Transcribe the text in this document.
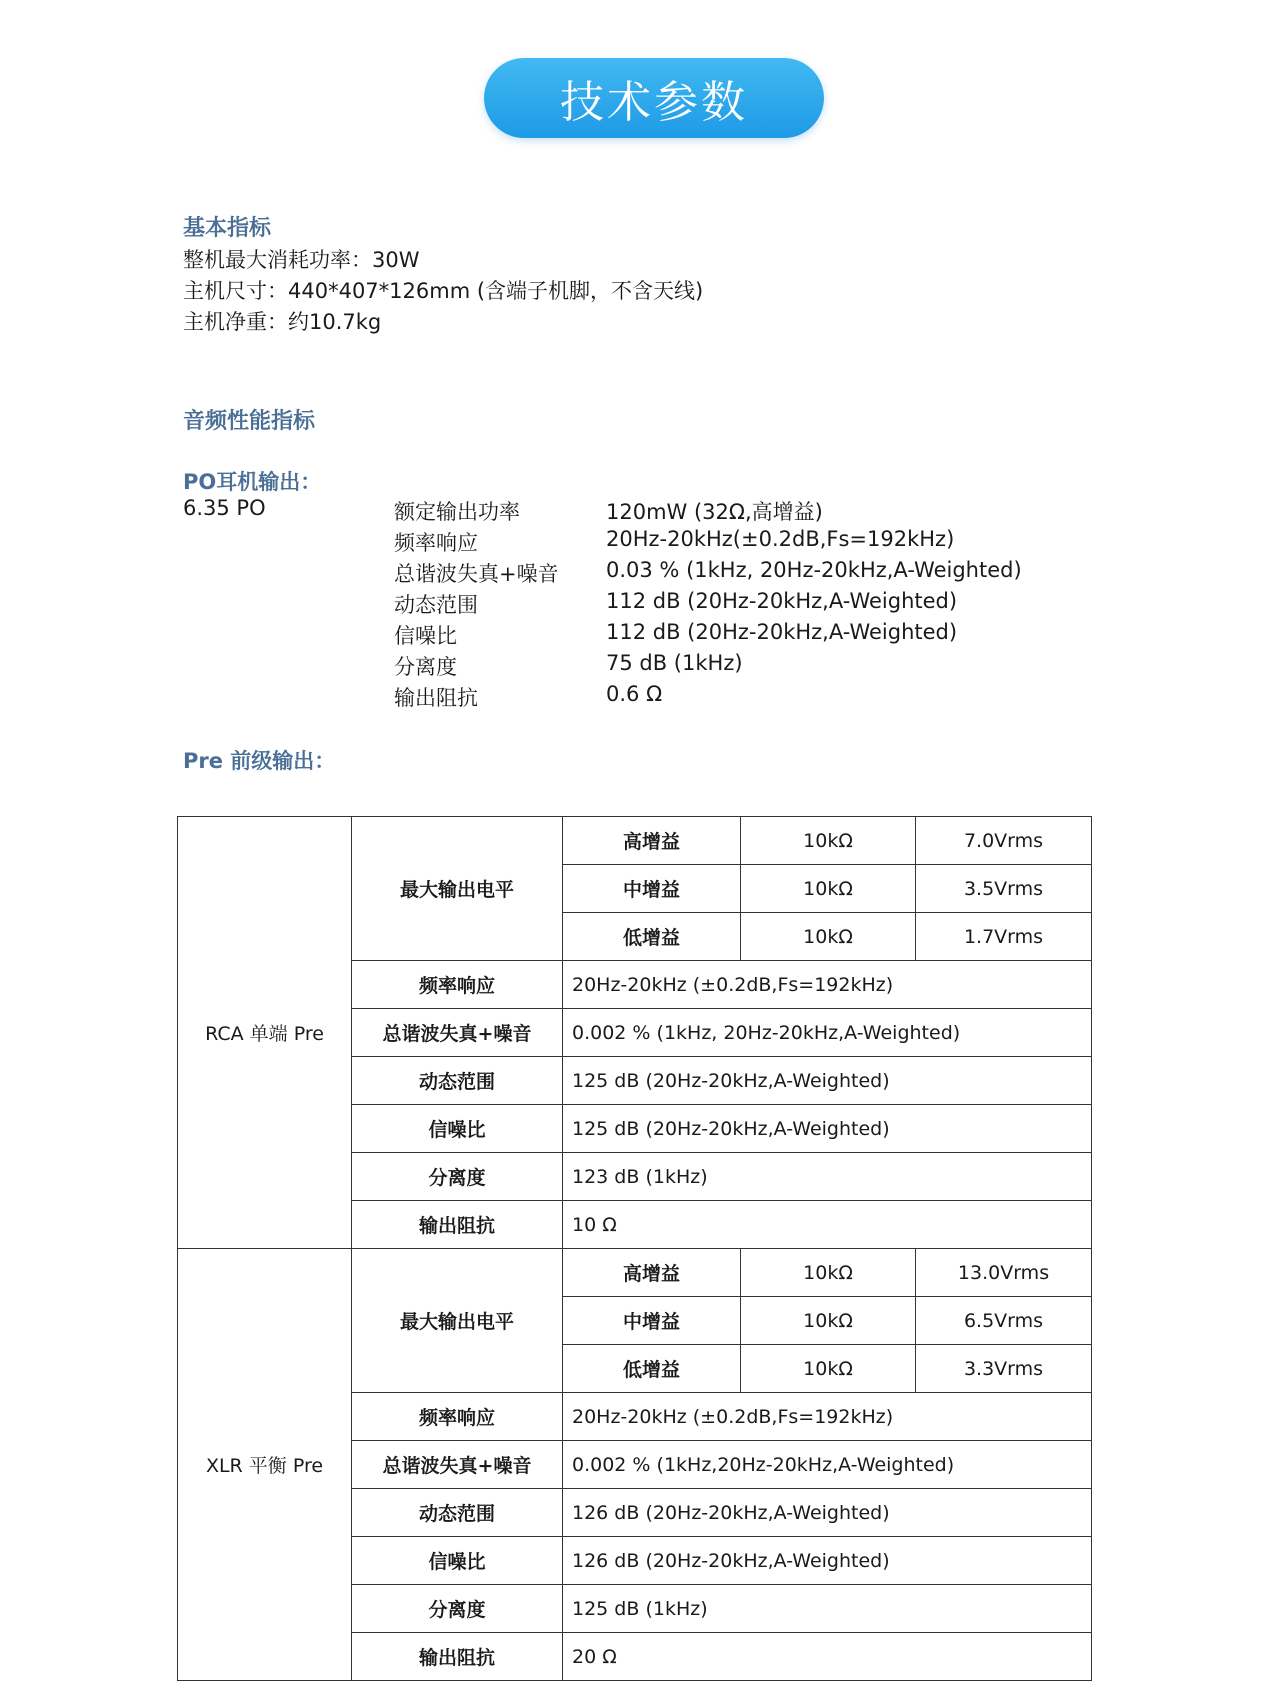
技术参数
基本指标
整机最大消耗功率：30W
主机尺寸：440*407*126mm (含端子机脚，不含天线)
主机净重：约10.7kg
音频性能指标
PO耳机输出：
6.35 PO	额定输出功率	120mW (32Ω,高增益)
频率响应	20Hz-20kHz(±0.2dB,Fs=192kHz)
总谐波失真+噪音 0.03 % (1kHz, 20Hz-20kHz,A-Weighted)
动态范围	112 dB (20Hz-20kHz,A-Weighted)
信噪比	112 dB (20Hz-20kHz,A-Weighted)
分离度	75 dB (1kHz)
输出阻抗	0.6 Ω
Pre 前级输出：
RCA 单端 Pre	最大输出电平	高增益	10kΩ	7.0Vrms
		中增益	10kΩ	3.5Vrms
		低增益	10kΩ	1.7Vrms
	频率响应	20Hz-20kHz (±0.2dB,Fs=192kHz)		
	总谐波失真+噪音	0.002 % (1kHz, 20Hz-20kHz,A-Weighted)		
	动态范围	125 dB (20Hz-20kHz,A-Weighted)		
	信噪比	125 dB (20Hz-20kHz,A-Weighted)		
	分离度	123 dB (1kHz)		
	输出阻抗	10 Ω		
XLR 平衡 Pre	最大输出电平	高增益	10kΩ	13.0Vrms
		中增益	10kΩ	6.5Vrms
		低增益	10kΩ	3.3Vrms
	频率响应	20Hz-20kHz (±0.2dB,Fs=192kHz)		
	总谐波失真+噪音	0.002 % (1kHz,20Hz-20kHz,A-Weighted)		
	动态范围	126 dB (20Hz-20kHz,A-Weighted)		
	信噪比	126 dB (20Hz-20kHz,A-Weighted)		
	分离度	125 dB (1kHz)		
	输出阻抗	20 Ω		
